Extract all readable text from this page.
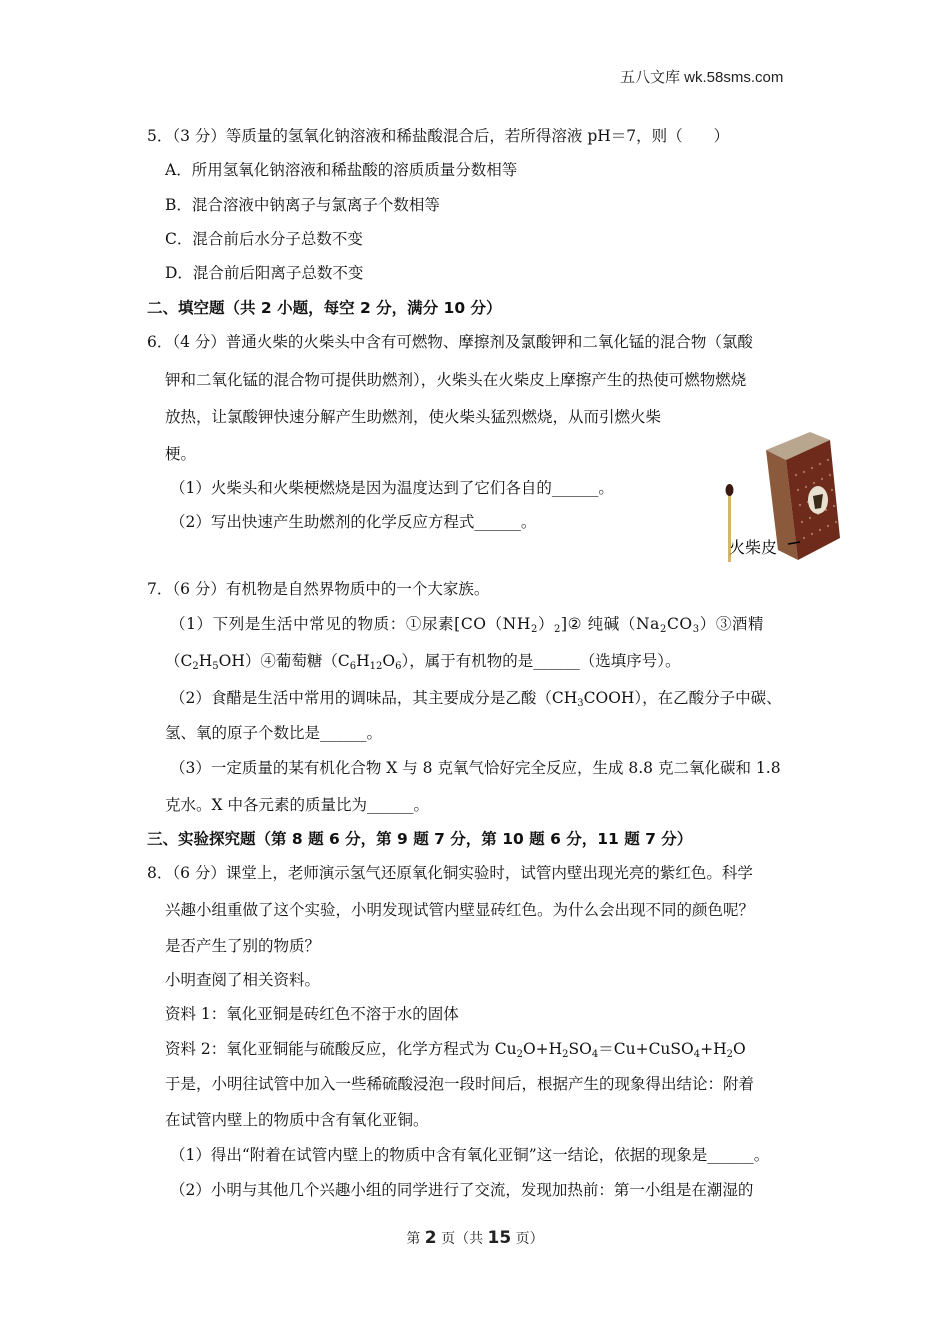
五八文库 wk.58sms.com
5．（3 分）等质量的氢氧化钠溶液和稀盐酸混合后，若所得溶液 pH＝7，则（　　）
A．所用氢氧化钠溶液和稀盐酸的溶质质量分数相等
B．混合溶液中钠离子与氯离子个数相等
C．混合前后水分子总数不变
D．混合前后阳离子总数不变
二、填空题（共 2 小题，每空 2 分，满分 10 分）
6．（4 分）普通火柴的火柴头中含有可燃物、摩擦剂及氯酸钾和二氧化锰的混合物（氯酸
钾和二氧化锰的混合物可提供助燃剂），火柴头在火柴皮上摩擦产生的热使可燃物燃烧
放热，让氯酸钾快速分解产生助燃剂，使火柴头猛烈燃烧，从而引燃火柴
梗。
（1）火柴头和火柴梗燃烧是因为温度达到了它们各自的______。
（2）写出快速产生助燃剂的化学反应方程式______。
火柴皮
7．（6 分）有机物是自然界物质中的一个大家族。
（1）下列是生活中常见的物质：①尿素$[CO(NH_2)_2]②$ 纯碱$(Na_2CO_3)③$酒精
$(C_2H_5OH)④$葡萄糖$(C_6H_{12}O_6)$，属于有机物的是______（选填序号）。
（2）食醋是生活中常用的调味品，其主要成分是乙酸$(CH_3COOH)$，在乙酸分子中碳、
氢、氧的原子个数比是______。
（3）一定质量的某有机化合物 X 与 8 克氧气恰好完全反应，生成 8.8 克二氧化碳和 1.8
克水。X 中各元素的质量比为______。
三、实验探究题（第 8 题 6 分，第 9 题 7 分，第 10 题 6 分，11 题 7 分）
8．（6 分）课堂上，老师演示氢气还原氧化铜实验时，试管内壁出现光亮的紫红色。科学
兴趣小组重做了这个实验，小明发现试管内壁显砖红色。为什么会出现不同的颜色呢？
是否产生了别的物质？
小明查阅了相关资料。
资料 1：氧化亚铜是砖红色不溶于水的固体
资料 2：氧化亚铜能与硫酸反应，化学方程式为 $Cu_2O+H_2SO_4=Cu+CuSO_4+H_2O$
于是，小明往试管中加入一些稀硫酸浸泡一段时间后，根据产生的现象得出结论：附着
在试管内壁上的物质中含有氧化亚铜。
（1）得出“附着在试管内壁上的物质中含有氧化亚铜”这一结论，依据的现象是______。
（2）小明与其他几个兴趣小组的同学进行了交流，发现加热前：第一小组是在潮湿的
第 2 页（共 15 页）
